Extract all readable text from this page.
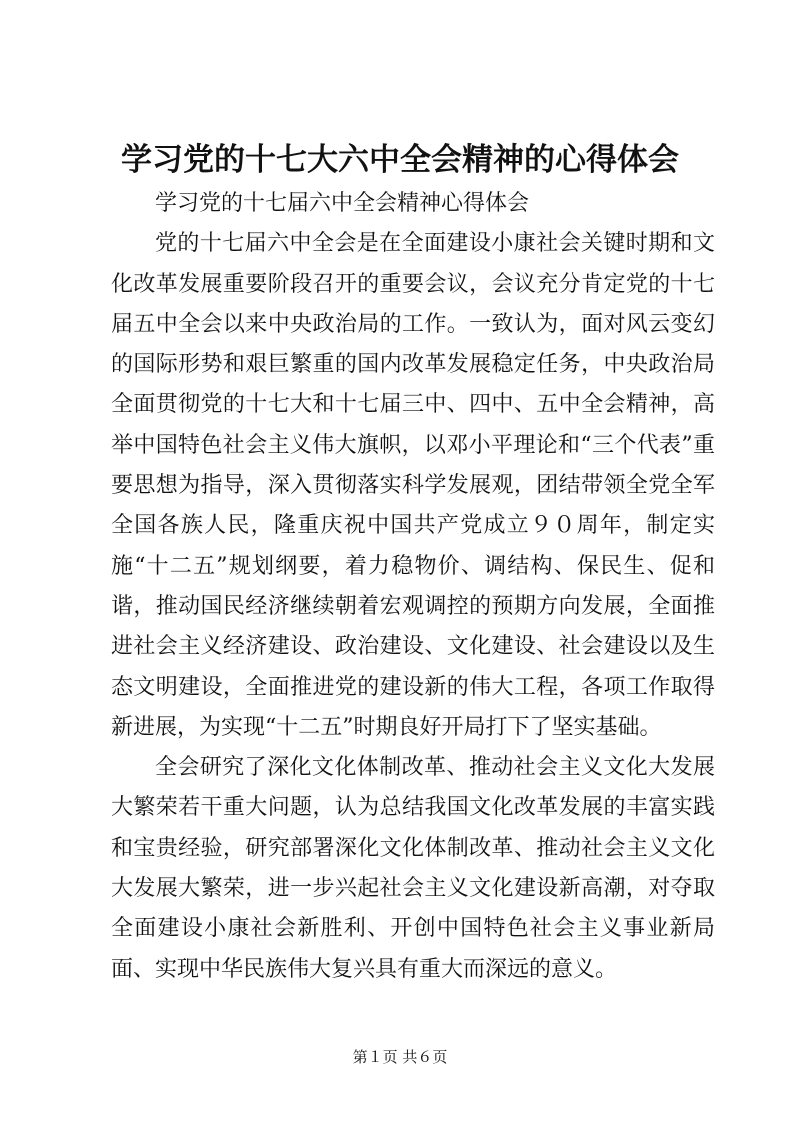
学习党的十七大六中全会精神的心得体会

学习党的十七届六中全会精神心得体会

党的十七届六中全会是在全面建设小康社会关键时期和文化改革发展重要阶段召开的重要会议，会议充分肯定党的十七届五中全会以来中央政治局的工作。一致认为，面对风云变幻的国际形势和艰巨繁重的国内改革发展稳定任务，中央政治局全面贯彻党的十七大和十七届三中、四中、五中全会精神，高举中国特色社会主义伟大旗帜，以邓小平理论和“三个代表”重要思想为指导，深入贯彻落实科学发展观，团结带领全党全军全国各族人民，隆重庆祝中国共产党成立９０周年，制定实施“十二五”规划纲要，着力稳物价、调结构、保民生、促和谐，推动国民经济继续朝着宏观调控的预期方向发展，全面推进社会主义经济建设、政治建设、文化建设、社会建设以及生态文明建设，全面推进党的建设新的伟大工程，各项工作取得新进展，为实现“十二五”时期良好开局打下了坚实基础。

全会研究了深化文化体制改革、推动社会主义文化大发展大繁荣若干重大问题，认为总结我国文化改革发展的丰富实践和宝贵经验，研究部署深化文化体制改革、推动社会主义文化大发展大繁荣，进一步兴起社会主义文化建设新高潮，对夺取全面建设小康社会新胜利、开创中国特色社会主义事业新局面、实现中华民族伟大复兴具有重大而深远的意义。

第１页 共６页
